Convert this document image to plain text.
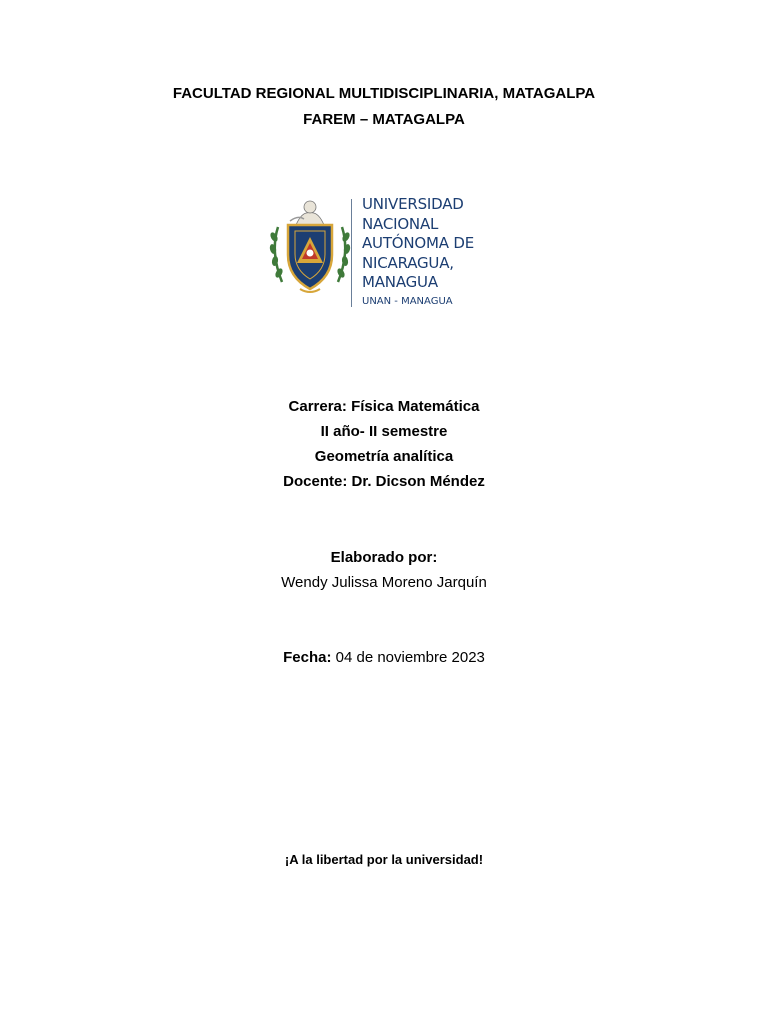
FACULTAD REGIONAL MULTIDISCIPLINARIA, MATAGALPA
FAREM – MATAGALPA
UNIVERSIDAD
NACIONAL
AUTÓNOMA DE
NICARAGUA,
MANAGUA
UNAN - MANAGUA
Carrera: Física Matemática
II año- II semestre
Geometría analítica
Docente: Dr. Dicson Méndez
Elaborado por:
Wendy Julissa Moreno Jarquín
Fecha: 04 de noviembre 2023
¡A la libertad por la universidad!
